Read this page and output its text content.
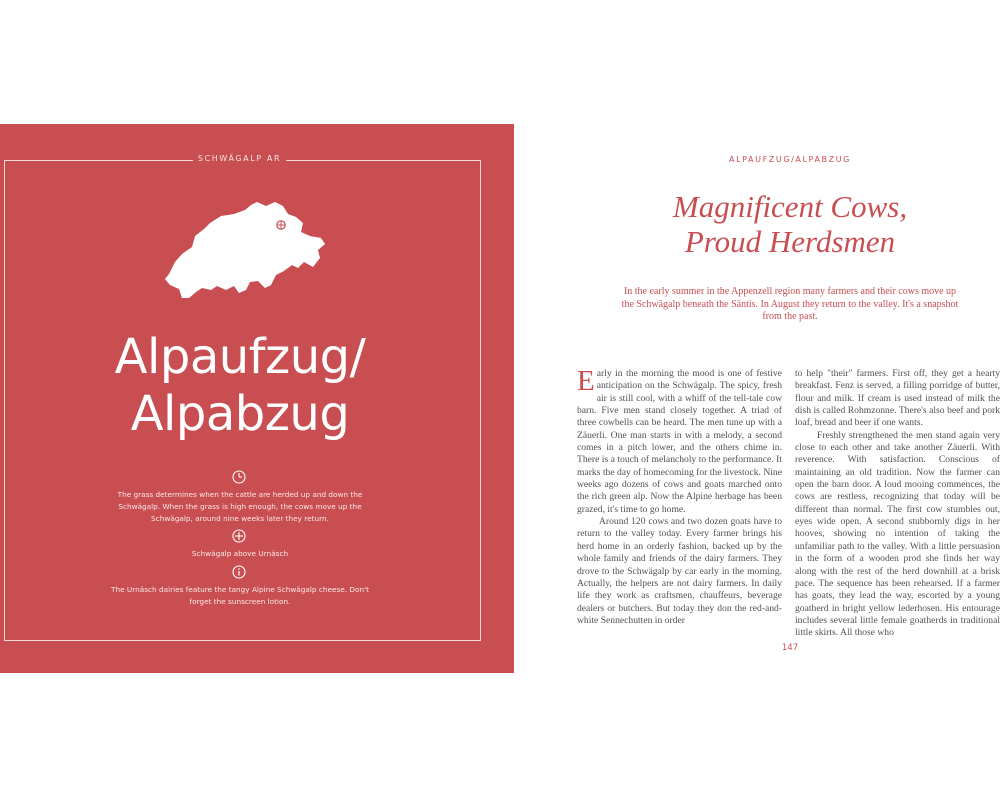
SCHWÄGALP AR
Alpaufzug/
Alpabzug
The grass determines when the cattle are herded up and down the Schwägalp. When the grass is high enough, the cows move up the Schwägalp, around nine weeks later they return.
Schwägalp above Urnäsch
The Urnäsch dairies feature the tangy Alpine Schwägalp cheese. Don't forget the sunscreen lotion.
ALPAUFZUG/ALPABZUG
Magnificent Cows,
Proud Herdsmen
In the early summer in the Appenzell region many farmers and their cows move up the Schwägalp beneath the Säntis. In August they return to the valley. It's a snapshot from the past.

Early in the morning the mood is one of festive anticipation on the Schwägalp. The spicy, fresh air is still cool, with a whiff of the tell-tale cow barn. Five men stand closely together. A triad of three cowbells can be heard. The men tune up with a Zäuerli. One man starts in with a melody, a second comes in a pitch lower, and the others chime in. There is a touch of melancholy to the performance. It marks the day of homecoming for the livestock. Nine weeks ago dozens of cows and goats marched onto the rich green alp. Now the Alpine herbage has been grazed, it's time to go home.

Around 120 cows and two dozen goats have to return to the valley today. Every farmer brings his herd home in an orderly fashion, backed up by the whole family and friends of the dairy farmers. They drove to the Schwägalp by car early in the morning. Actually, the helpers are not dairy farmers. In daily life they work as craftsmen, chauffeurs, beverage dealers or butchers. But today they don the red-and-white Sennechutten in order

to help "their" farmers. First off, they get a hearty breakfast. Fenz is served, a filling porridge of butter, flour and milk. If cream is used instead of milk the dish is called Rohmzonne. There's also beef and pork loaf, bread and beer if one wants.

Freshly strengthened the men stand again very close to each other and take another Zäuerli. With reverence. With satisfaction. Conscious of maintaining an old tradition. Now the farmer can open the barn door. A loud mooing commences, the cows are restless, recognizing that today will be different than normal. The first cow stumbles out, eyes wide open. A second stubbornly digs in her hooves, showing no intention of taking the unfamiliar path to the valley. With a little persuasion in the form of a wooden prod she finds her way along with the rest of the herd downhill at a brisk pace. The sequence has been rehearsed. If a farmer has goats, they lead the way, escorted by a young goatherd in bright yellow lederhosen. His entourage includes several little female goatherds in traditional little skirts. All those who

147
